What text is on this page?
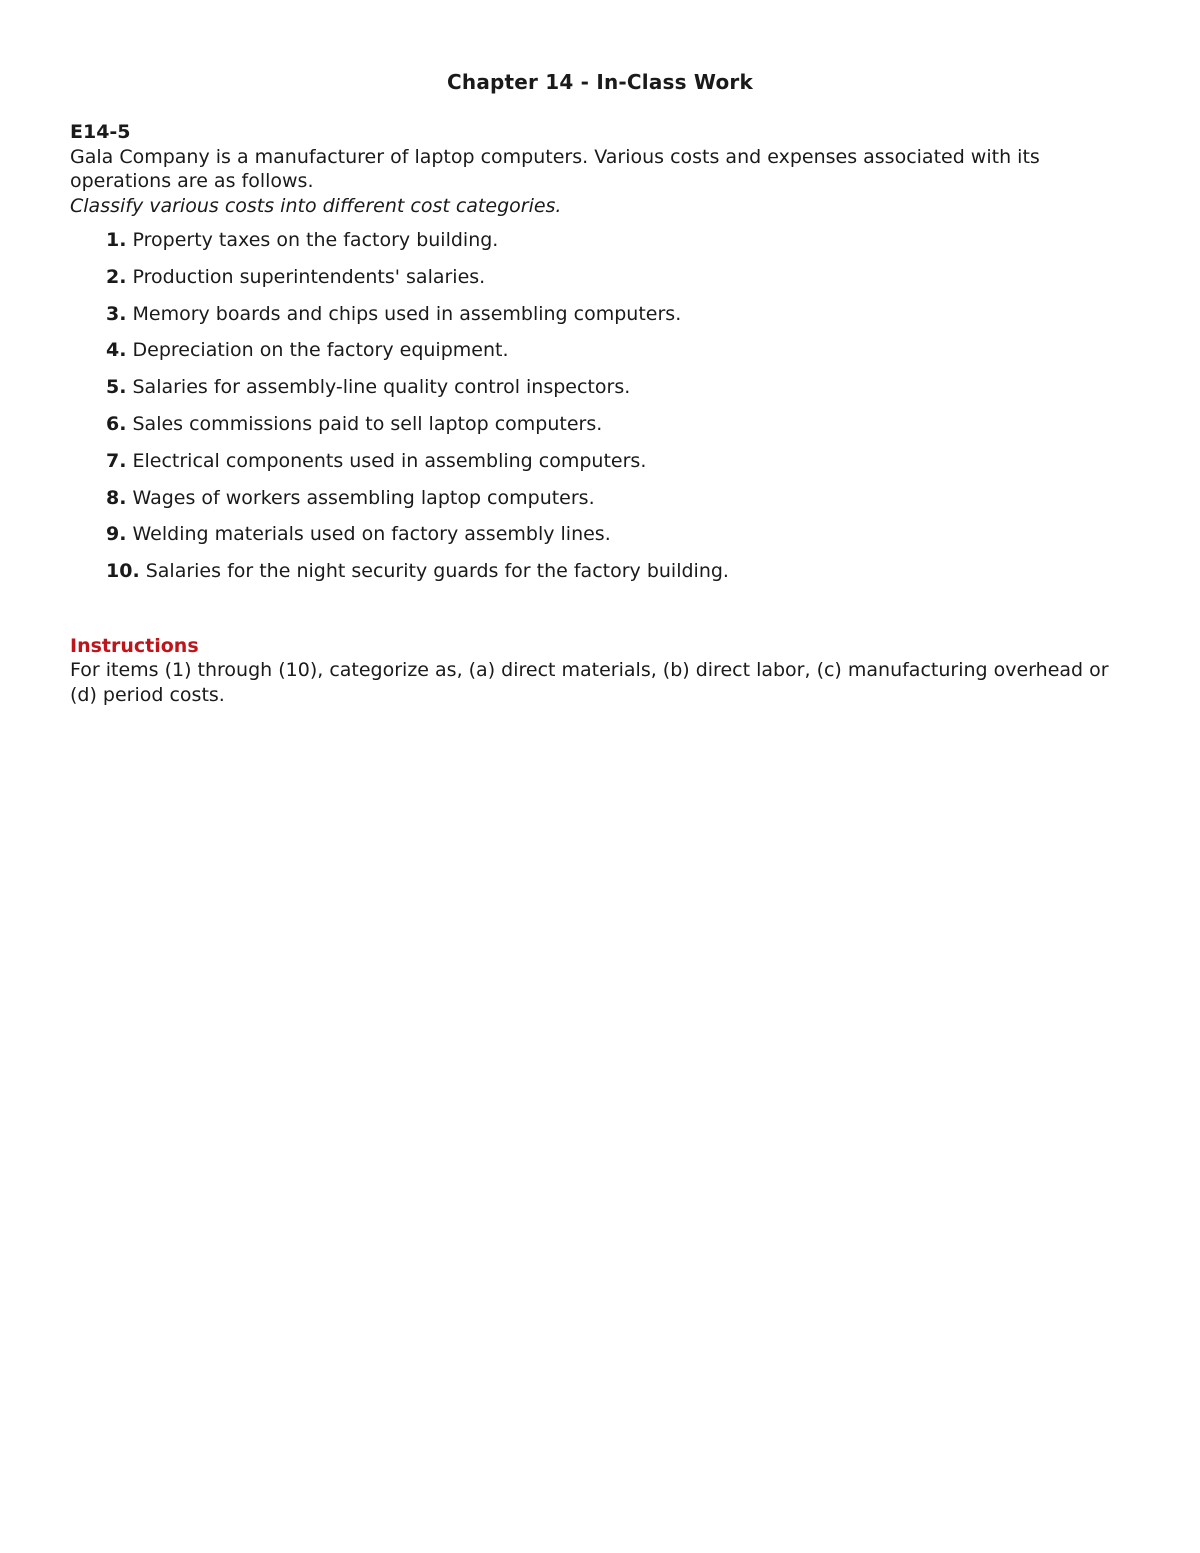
Chapter 14 - In-Class Work

E14-5

Gala Company is a manufacturer of laptop computers. Various costs and expenses associated with its operations are as follows.

Classify various costs into different cost categories.

1. Property taxes on the factory building.
2. Production superintendents' salaries.
3. Memory boards and chips used in assembling computers.
4. Depreciation on the factory equipment.
5. Salaries for assembly-line quality control inspectors.
6. Sales commissions paid to sell laptop computers.
7. Electrical components used in assembling computers.
8. Wages of workers assembling laptop computers.
9. Welding materials used on factory assembly lines.
10. Salaries for the night security guards for the factory building.

Instructions

For items (1) through (10), categorize as, (a) direct materials, (b) direct labor, (c) manufacturing overhead or (d) period costs.
